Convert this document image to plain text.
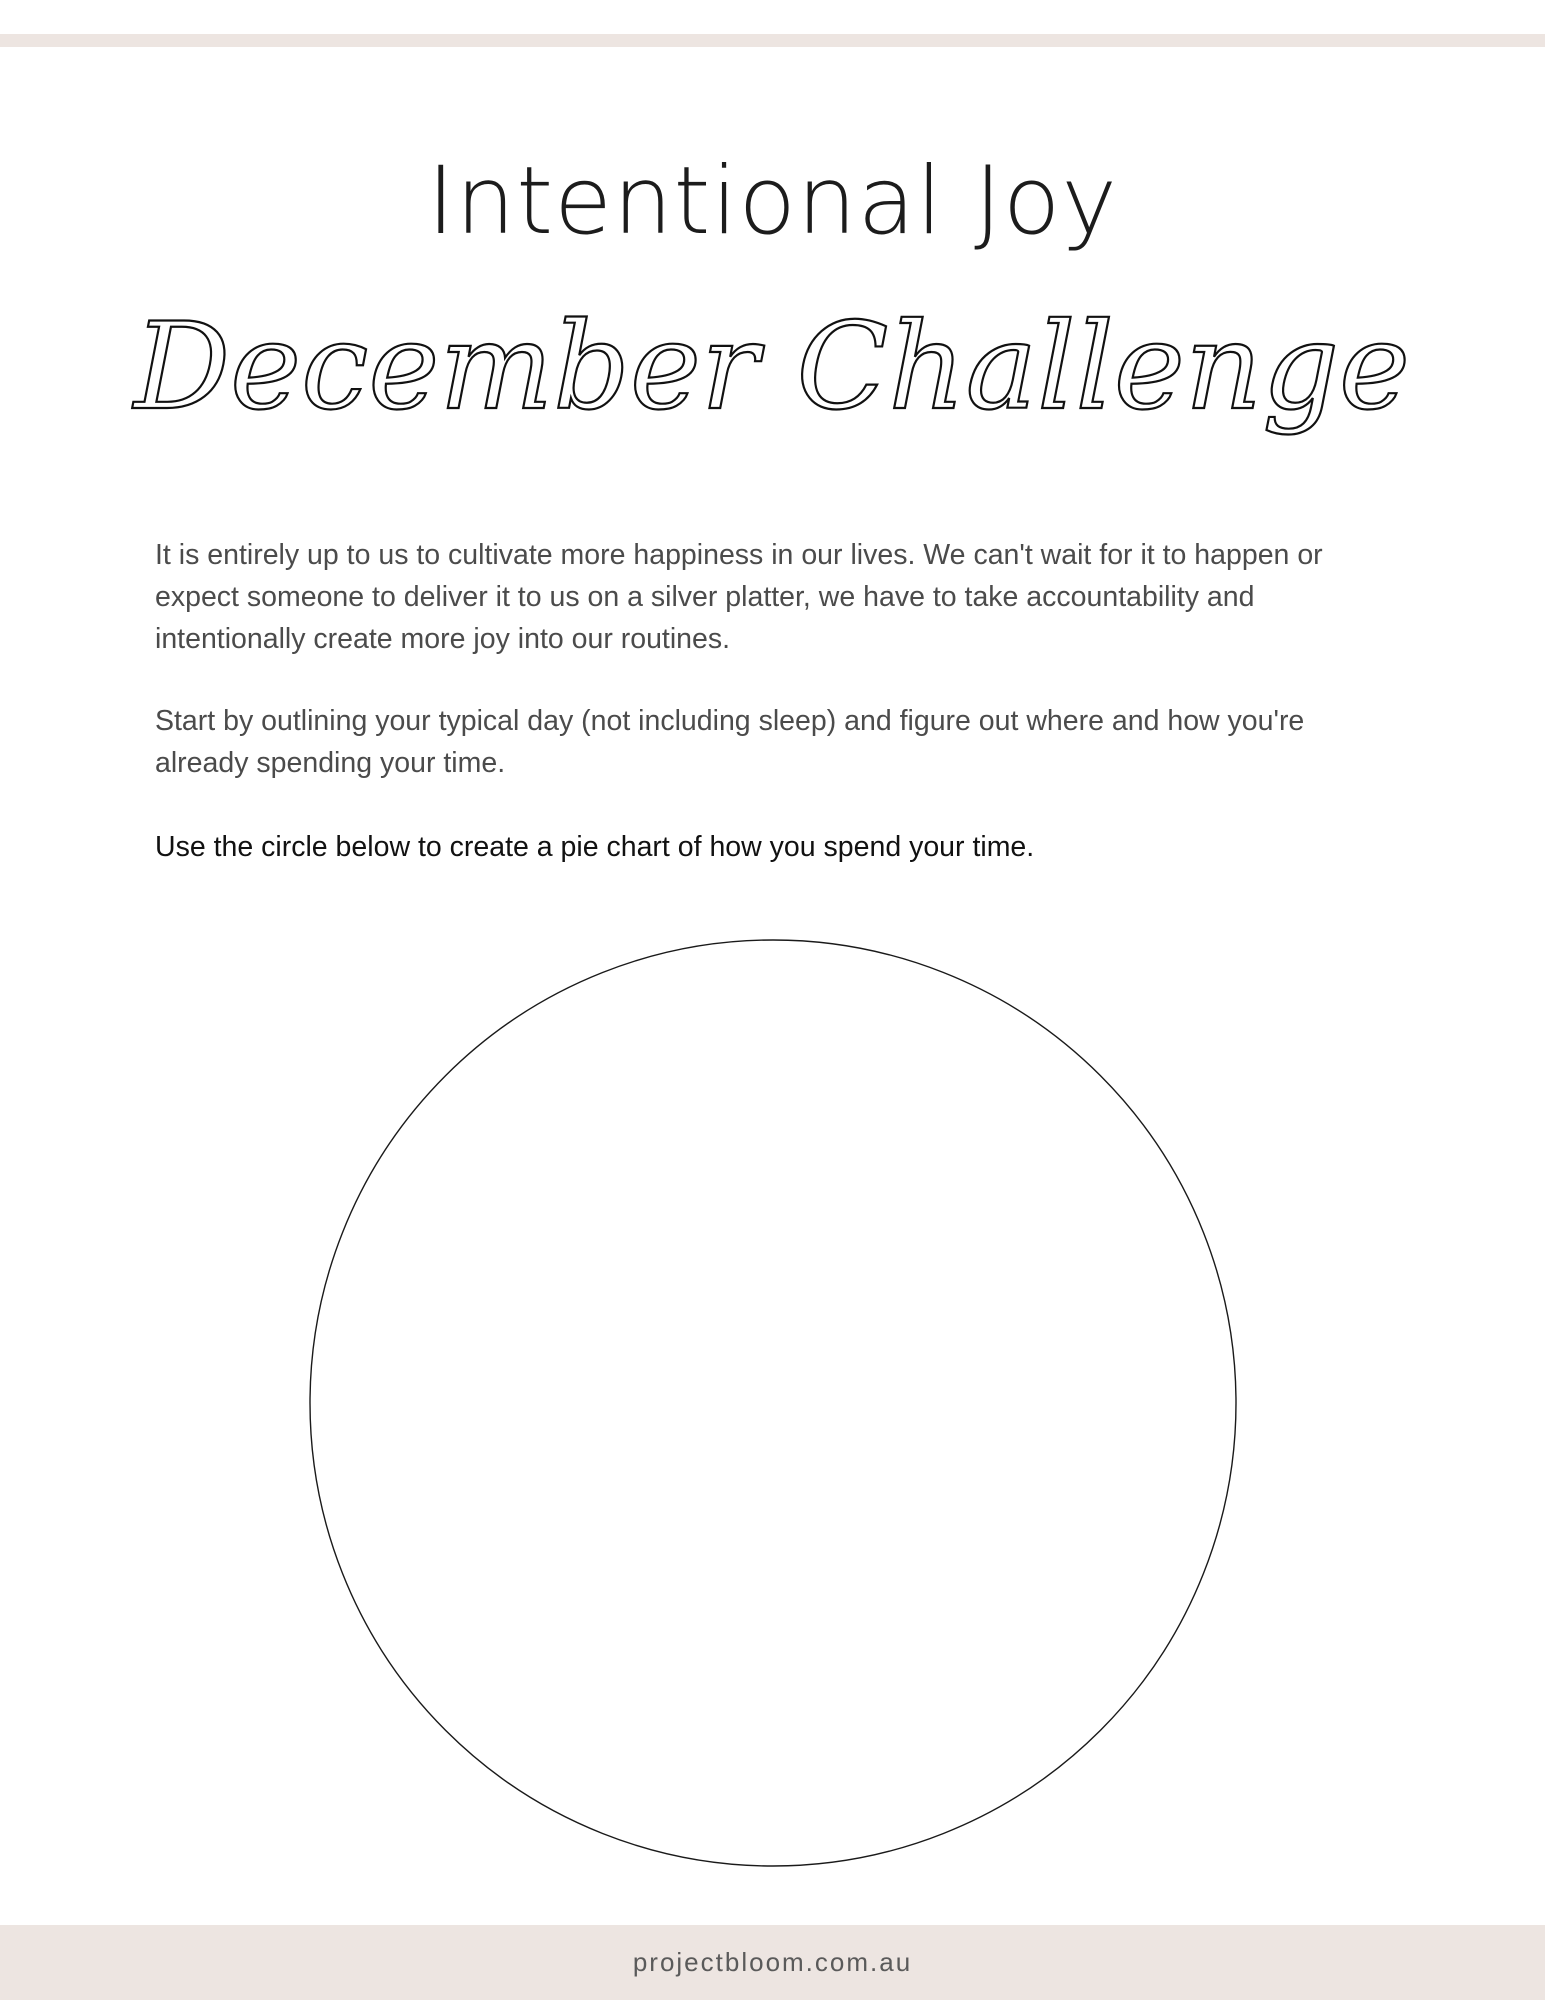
Intentional Joy
December Challenge

It is entirely up to us to cultivate more happiness in our lives. We can't wait for it to happen or expect someone to deliver it to us on a silver platter, we have to take accountability and intentionally create more joy into our routines.

Start by outlining your typical day (not including sleep) and figure out where and how you're already spending your time.

Use the circle below to create a pie chart of how you spend your time.

projectbloom.com.au
